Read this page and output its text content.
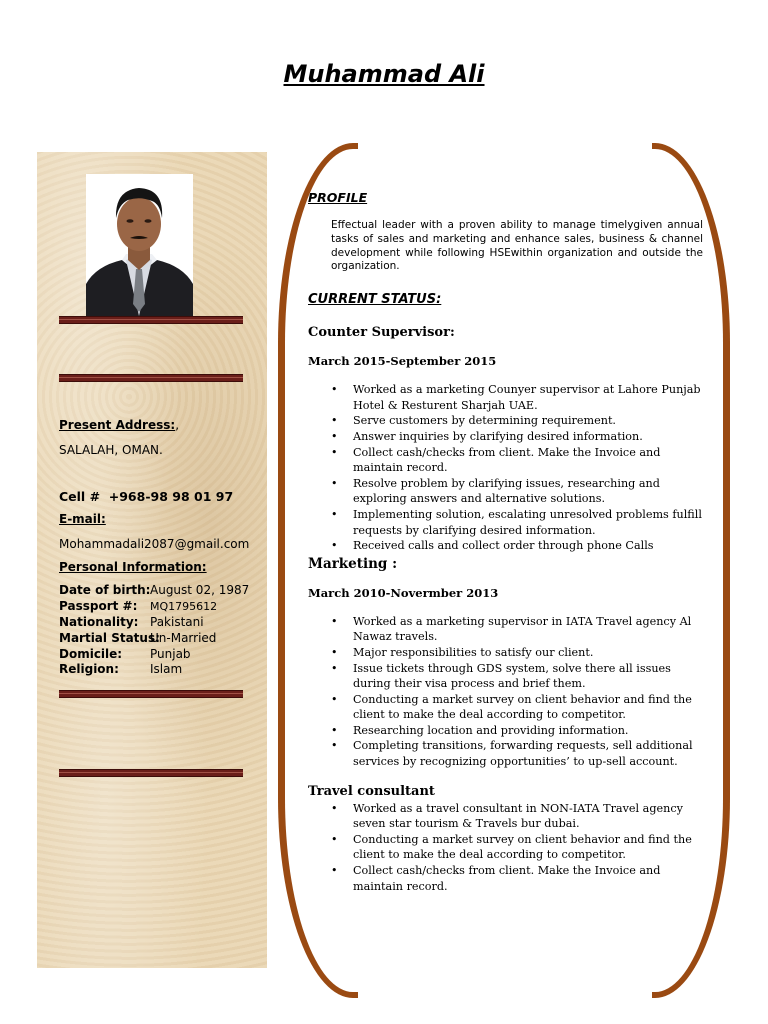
Muhammad Ali
Present Address:,
SALALAH, OMAN.
Cell # +968-98 98 01 97
E-mail:
Mohammadali2087@gmail.com
Personal Information:
Date of birth:August 02, 1987
Passport #: MQ1795612
Nationality: Pakistani
Martial Status:Un-Married
Domicile: Punjab
Religion:	Islam
PROFILE
Effectual leader with a proven ability to manage timelygiven annual tasks of sales and marketing and enhance sales, business & channel development while following HSEwithin organization and outside the organization.
CURRENT STATUS:
Counter Supervisor:
March 2015-September 2015
• Worked as a marketing Counyer supervisor at Lahore Punjab Hotel & Resturent Sharjah UAE.
• Serve customers by determining requirement.
• Answer inquiries by clarifying desired information.
• Collect cash/checks from client. Make the Invoice and maintain record.
• Resolve problem by clarifying issues, researching and exploring answers and alternative solutions.
• Implementing solution, escalating unresolved problems fulfill requests by clarifying desired information.
• Received calls and collect order through phone Calls
Marketing :
March 2010-Novermber 2013
• Worked as a marketing supervisor in IATA Travel agency Al Nawaz travels.
• Major responsibilities to satisfy our client.
• Issue tickets through GDS system, solve there all issues during their visa process and brief them.
• Conducting a market survey on client behavior and find the client to make the deal according to competitor.
• Researching location and providing information.
• Completing transitions, forwarding requests, sell additional services by recognizing opportunities’ to up-sell account.
Travel consultant
• Worked as a travel consultant in NON-IATA Travel agency seven star tourism & Travels bur dubai.
• Conducting a market survey on client behavior and find the client to make the deal according to competitor.
• Collect cash/checks from client. Make the Invoice and maintain record.
